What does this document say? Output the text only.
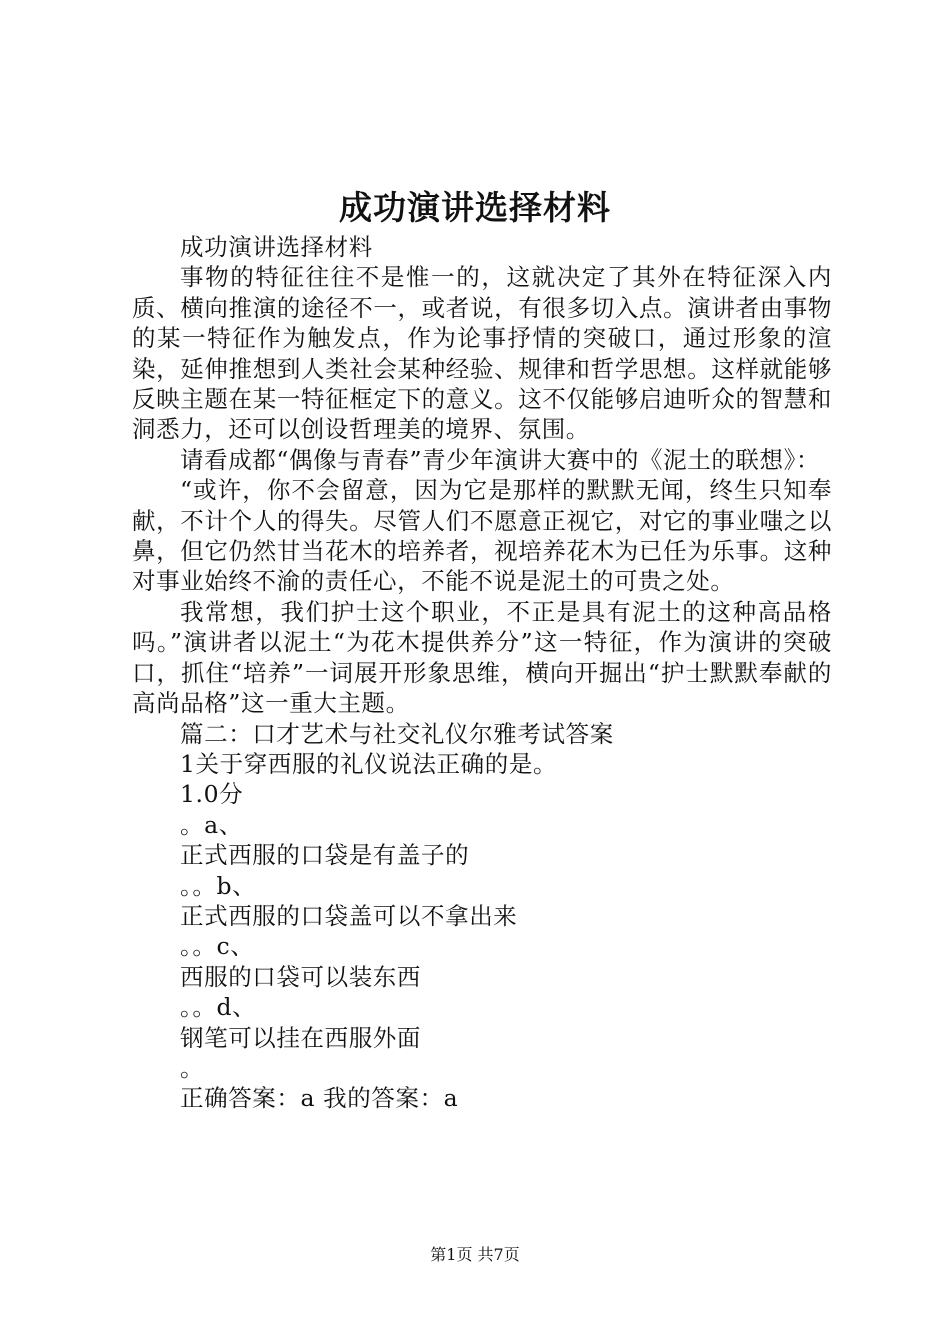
成功演讲选择材料

成功演讲选择材料

事物的特征往往不是惟一的，这就决定了其外在特征深入内质、横向推演的途径不一，或者说，有很多切入点。演讲者由事物的某一特征作为触发点，作为论事抒情的突破口，通过形象的渲染，延伸推想到人类社会某种经验、规律和哲学思想。这样就能够反映主题在某一特征框定下的意义。这不仅能够启迪听众的智慧和洞悉力，还可以创设哲理美的境界、氛围。

请看成都“偶像与青春”青少年演讲大赛中的《泥土的联想》：

“或许，你不会留意，因为它是那样的默默无闻，终生只知奉献，不计个人的得失。尽管人们不愿意正视它，对它的事业嗤之以鼻，但它仍然甘当花木的培养者，视培养花木为已任为乐事。这种对事业始终不渝的责任心，不能不说是泥土的可贵之处。

我常想，我们护士这个职业，不正是具有泥土的这种高品格吗。”演讲者以泥土“为花木提供养分”这一特征，作为演讲的突破口，抓住“培养”一词展开形象思维，横向开掘出“护士默默奉献的高尚品格”这一重大主题。

篇二：口才艺术与社交礼仪尔雅考试答案
1关于穿西服的礼仪说法正确的是。
1.0分
。a、
正式西服的口袋是有盖子的
。。b、
正式西服的口袋盖可以不拿出来
。。c、
西服的口袋可以装东西
。。d、
钢笔可以挂在西服外面
。
正确答案：a 我的答案：a
第1页 共7页
